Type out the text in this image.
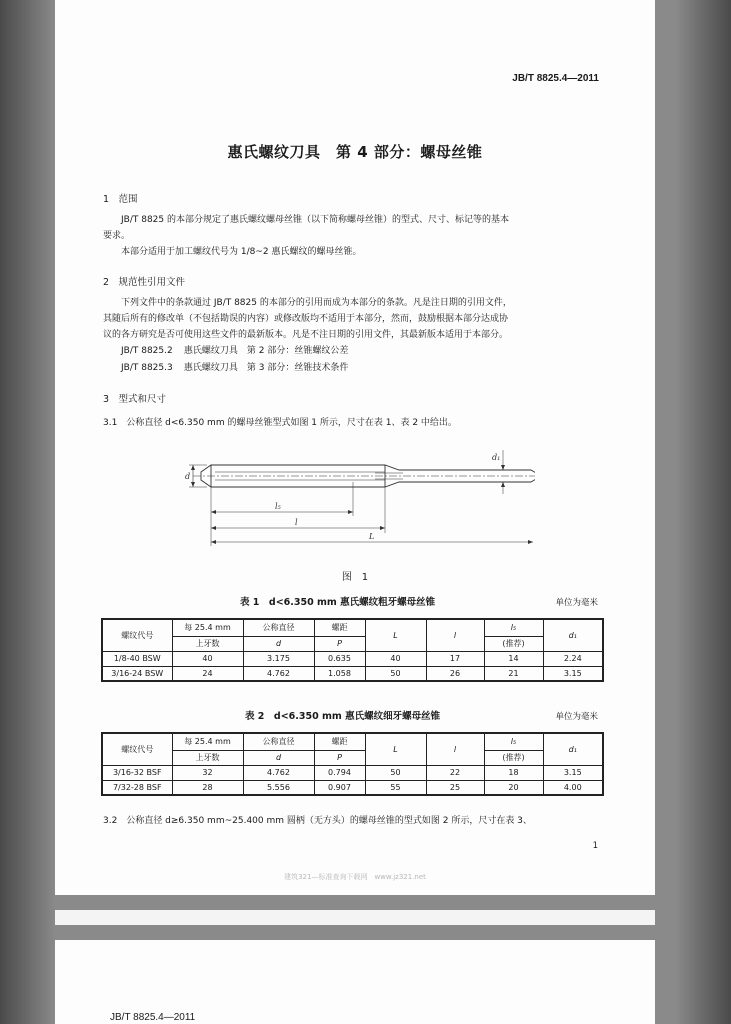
JB/T 8825.4—2011
惠氏螺纹刀具　第 4 部分：螺母丝锥
1　范围
JB/T 8825 的本部分规定了惠氏螺纹螺母丝锥（以下简称螺母丝锥）的型式、尺寸、标记等的基本
要求。
本部分适用于加工螺纹代号为 1/8~2 惠氏螺纹的螺母丝锥。
2　规范性引用文件
下列文件中的条款通过 JB/T 8825 的本部分的引用而成为本部分的条款。凡是注日期的引用文件，
其随后所有的修改单（不包括勘误的内容）或修改版均不适用于本部分，然而，鼓励根据本部分达成协
议的各方研究是否可使用这些文件的最新版本。凡是不注日期的引用文件，其最新版本适用于本部分。
JB/T 8825.2 惠氏螺纹刀具　第 2 部分：丝锥螺纹公差
JB/T 8825.3 惠氏螺纹刀具　第 3 部分：丝锥技术条件
3　型式和尺寸
3.1　公称直径 d<6.350 mm 的螺母丝锥型式如图 1 所示，尺寸在表 1、表 2 中给出。
d
d₁
l₅
l
L
图　1
表 1　d<6.350 mm 惠氏螺纹粗牙螺母丝锥	单位为毫米
螺纹代号	每 25.4 mm	公称直径	螺距	L	l	l₅	d₁
	上牙数	d	P			(推荐)	
1/8-40 BSW	40	3.175	0.635	40	17	14	2.24
3/16-24 BSW	24	4.762	1.058	50	26	21	3.15
表 2　d<6.350 mm 惠氏螺纹细牙螺母丝锥	单位为毫米
螺纹代号	每 25.4 mm	公称直径	螺距	L	l	l₅	d₁
	上牙数	d	P			(推荐)	
3/16-32 BSF	32	4.762	0.794	50	22	18	3.15
7/32-28 BSF	28	5.556	0.907	55	25	20	4.00
3.2　公称直径 d≥6.350 mm~25.400 mm 圆柄（无方头）的螺母丝锥的型式如图 2 所示，尺寸在表 3、
1
建筑321—标准查询下载网　www.jz321.net
JB/T 8825.4—2011
